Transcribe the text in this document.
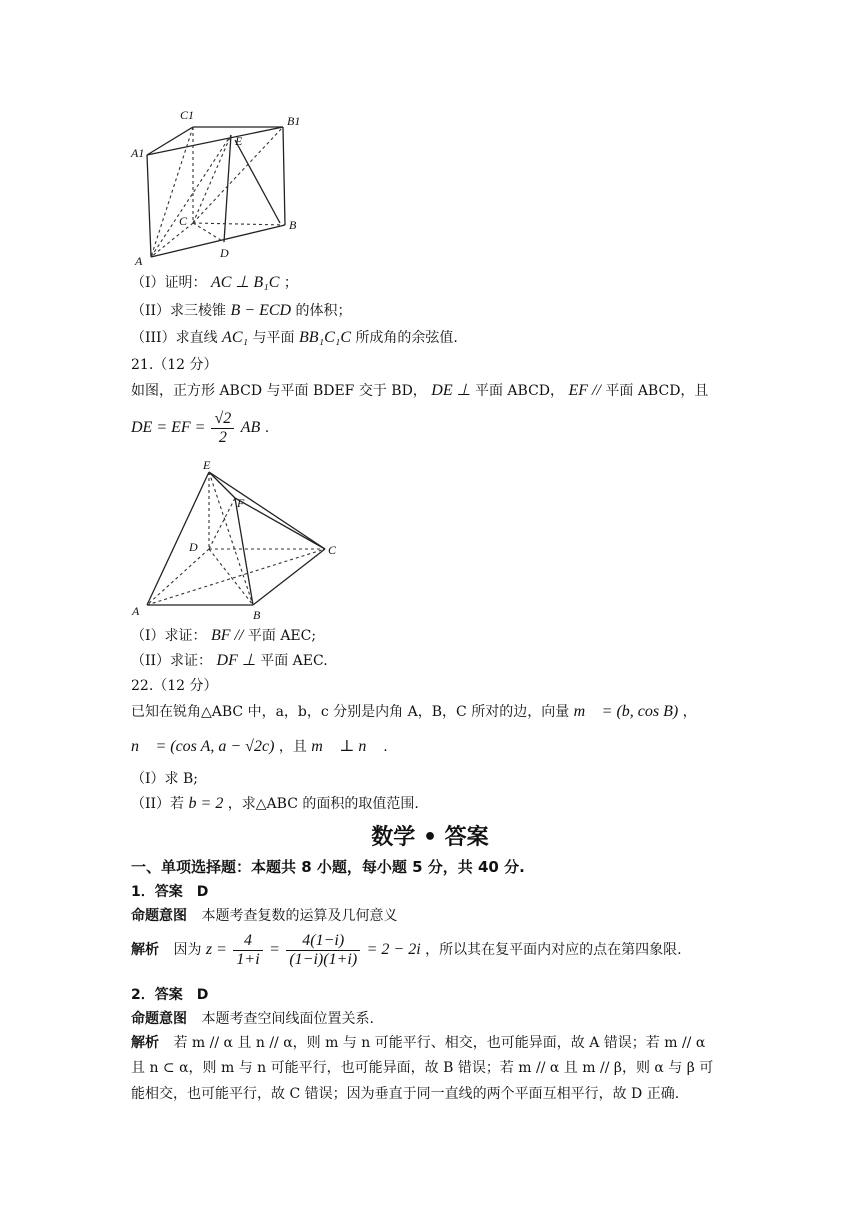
C1	B1
A1
E
C	B
A
D
（I）证明： AC ⊥ B₁C ；
（II）求三棱锥 B − ECD 的体积；
（III）求直线 AC₁ 与平面 BB₁C₁C 所成角的余弦值.
21.（12 分）
如图，正方形 ABCD 与平面 BDEF 交于 BD， DE ⊥ 平面 ABCD， EF // 平面 ABCD，且
DE = EF = $\frac{√2}{2}$ AB .
E
F
D	C
A	B
（I）求证： BF // 平面 AEC;
（II）求证： DF ⊥ 平面 AEC.
22.（12 分）
已知在锐角△ABC 中，a，b，c 分别是内角 A，B，C 所对的边，向量 m⃗ = (b, cos B) ，
n⃗ = (cos A, a − √2c) ，且 m⃗ ⊥ n⃗ .
（I）求 B;
（II）若 b = 2 ，求△ABC 的面积的取值范围.
数学 • 答案
一、单项选择题：本题共 8 小题，每小题 5 分，共 40 分.
1．答案　D
命题意图 本题考查复数的运算及几何意义
解析 因为 $z = \frac{4}{1+i} = \frac{4(1-i)}{(1-i)(1+i)} = 2 - 2i$ ，所以其在复平面内对应的点在第四象限.
2．答案　D
命题意图 本题考查空间线面位置关系.
解析 若 m // α 且 n // α，则 m 与 n 可能平行、相交，也可能异面，故 A 错误；若 m // α
且 n ⊂ α，则 m 与 n 可能平行，也可能异面，故 B 错误；若 m // α 且 m // β，则 α 与 β 可
能相交，也可能平行，故 C 错误；因为垂直于同一直线的两个平面互相平行，故 D 正确.
